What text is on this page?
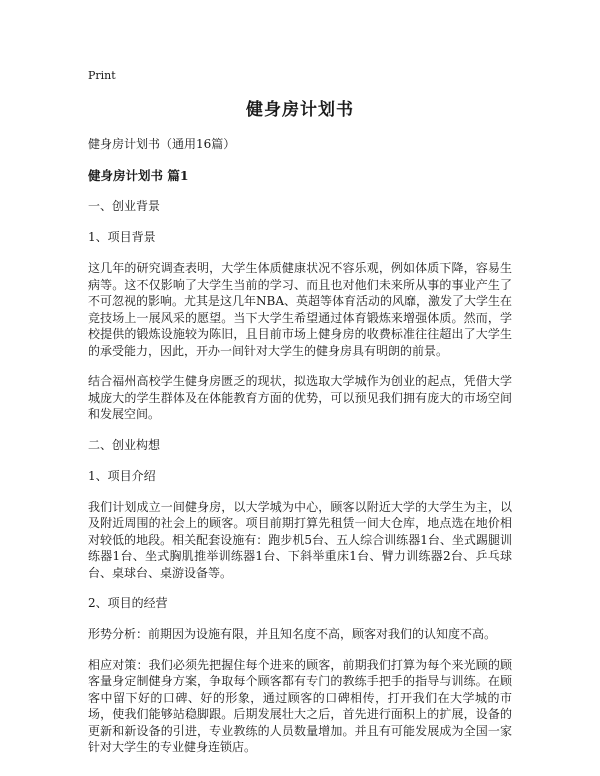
Print
健身房计划书
健身房计划书（通用16篇）
健身房计划书 篇1
一、创业背景
1、项目背景
这几年的研究调查表明，大学生体质健康状况不容乐观，例如体质下降，容易生病等。这不仅影响了大学生当前的学习、而且也对他们未来所从事的事业产生了不可忽视的影响。尤其是这几年NBA、英超等体育活动的风靡，激发了大学生在竞技场上一展风采的愿望。当下大学生希望通过体育锻炼来增强体质。然而，学校提供的锻炼设施较为陈旧，且目前市场上健身房的收费标准往往超出了大学生的承受能力，因此，开办一间针对大学生的健身房具有明朗的前景。
结合福州高校学生健身房匮乏的现状，拟选取大学城作为创业的起点，凭借大学城庞大的学生群体及在体能教育方面的优势，可以预见我们拥有庞大的市场空间和发展空间。
二、创业构想
1、项目介绍
我们计划成立一间健身房，以大学城为中心，顾客以附近大学的大学生为主，以及附近周围的社会上的顾客。项目前期打算先租赁一间大仓库，地点选在地价相对较低的地段。相关配套设施有：跑步机5台、五人综合训练器1台、坐式踢腿训练器1台、坐式胸肌推举训练器1台、下斜举重床1台、臂力训练器2台、乒乓球台、桌球台、桌游设备等。
2、项目的经营
形势分析：前期因为设施有限，并且知名度不高，顾客对我们的认知度不高。
相应对策：我们必须先把握住每个进来的顾客，前期我们打算为每个来光顾的顾客量身定制健身方案，争取每个顾客都有专门的教练手把手的指导与训练。在顾客中留下好的口碑、好的形象，通过顾客的口碑相传，打开我们在大学城的市场，使我们能够站稳脚跟。后期发展壮大之后，首先进行面积上的扩展，设备的更新和新设备的引进，专业教练的人员数量增加。并且有可能发展成为全国一家针对大学生的专业健身连锁店。
